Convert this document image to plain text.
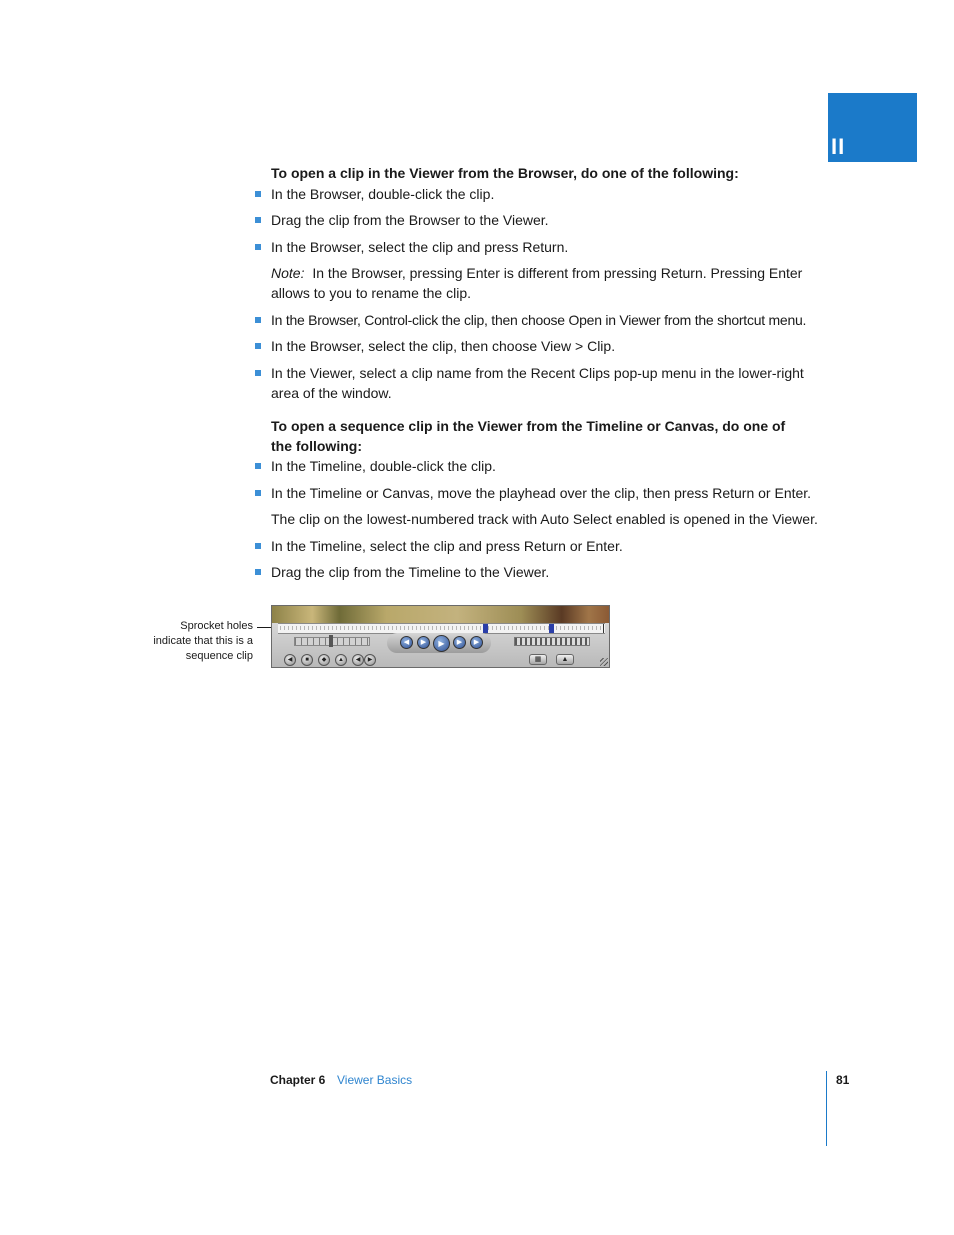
II
To open a clip in the Viewer from the Browser, do one of the following:
In the Browser, double-click the clip.
Drag the clip from the Browser to the Viewer.
In the Browser, select the clip and press Return.
Note: In the Browser, pressing Enter is different from pressing Return. Pressing Enter allows to you to rename the clip.
In the Browser, Control-click the clip, then choose Open in Viewer from the shortcut menu.
In the Browser, select the clip, then choose View > Clip.
In the Viewer, select a clip name from the Recent Clips pop-up menu in the lower-right area of the window.
To open a sequence clip in the Viewer from the Timeline or Canvas, do one of the following:
In the Timeline, double-click the clip.
In the Timeline or Canvas, move the playhead over the clip, then press Return or Enter.
The clip on the lowest-numbered track with Auto Select enabled is opened in the Viewer.
In the Timeline, select the clip and press Return or Enter.
Drag the clip from the Timeline to the Viewer.
Sprocket holes indicate that this is a sequence clip
◀	▶	▶	▶	▶
◀	■	◆	▲	◀	▶	▦	▲
Chapter 6 Viewer Basics	81
